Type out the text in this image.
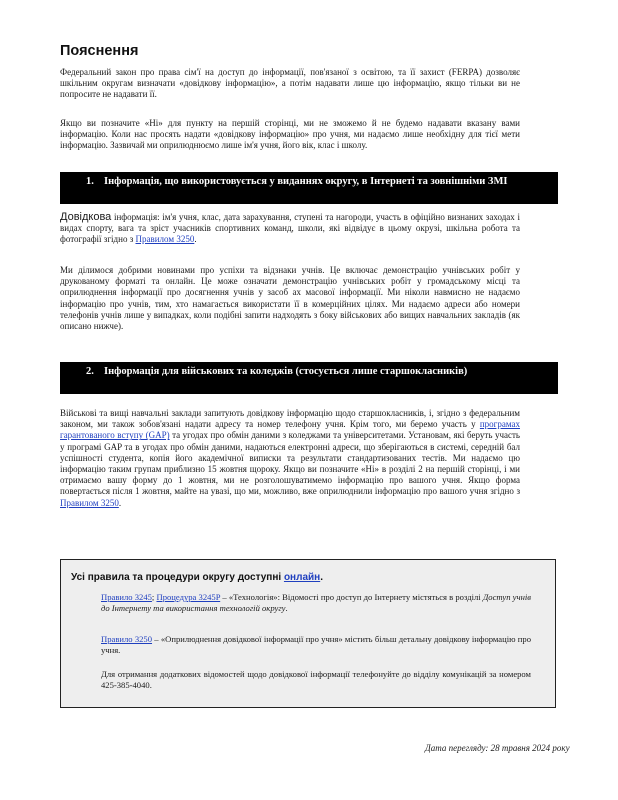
Пояснення
Федеральний закон про права сім'ї на доступ до інформації, пов'язаної з освітою, та її захист (FERPA) дозволяє шкільним округам визначати «довідкову інформацію», а потім надавати лише цю інформацію, якщо тільки ви не попросите не надавати її.
Якщо ви позначите «Ні» для пункту на першій сторінці, ми не зможемо й не будемо надавати вказану вами інформацію. Коли нас просять надати «довідкову інформацію» про учня, ми надаємо лише необхідну для тієї мети інформацію. Зазвичай ми оприлюднюємо лише ім'я учня, його вік, клас і школу.
1. Інформація, що використовується у виданнях округу, в Інтернеті та зовнішніми ЗМІ
Довідкова інформація: ім'я учня, клас, дата зарахування, ступені та нагороди, участь в офіційно визнаних заходах і видах спорту, вага та зріст учасників спортивних команд, школи, які відвідує в цьому окрузі, шкільна робота та фотографії згідно з Правилом 3250.
Ми ділимося добрими новинами про успіхи та відзнаки учнів. Це включає демонстрацію учнівських робіт у друкованому форматі та онлайн. Це може означати демонстрацію учнівських робіт у громадському місці та оприлюднення інформації про досягнення учнів у засоб ах масової інформації. Ми ніколи навмисно не надаємо інформацію про учнів, тим, хто намагається використати її в комерційних цілях. Ми надаємо адреси або номери телефонів учнів лише у випадках, коли подібні запити надходять з боку військових або вищих навчальних закладів (як описано нижче).
2. Інформація для військових та коледжів (стосується лише старшокласників)
Військові та вищі навчальні заклади запитують довідкову інформацію щодо старшокласників, і, згідно з федеральним законом, ми також зобов'язані надати адресу та номер телефону учня. Крім того, ми беремо участь у програмах гарантованого вступу (GAP) та угодах про обмін даними з коледжами та університетами. Установам, які беруть участь у програмі GAP та в угодах про обмін даними, надаються електронні адреси, що зберігаються в системі, середній бал успішності студента, копія його академічної виписки та результати стандартизованих тестів. Ми надаємо цю інформацію таким групам приблизно 15 жовтня щороку. Якщо ви позначите «Ні» в розділі 2 на першій сторінці, і ми отримаємо вашу форму до 1 жовтня, ми не розголошуватимемо інформацію про вашого учня. Якщо форма повертається після 1 жовтня, майте на увазі, що ми, можливо, вже оприлюднили інформацію про вашого учня згідно з Правилом 3250.
Усі правила та процедури округу доступні онлайн.
Правило 3245; Процедура 3245P – «Технологія»: Відомості про доступ до Інтернету містяться в розділі Доступ учнів до Інтернету та використання технологій округу.
Правило 3250 – «Оприлюднення довідкової інформації про учня» містить більш детальну довідкову інформацію про учня.
Для отримання додаткових відомостей щодо довідкової інформації телефонуйте до відділу комунікацій за номером 425-385-4040.
Дата перегляду: 28 травня 2024 року
